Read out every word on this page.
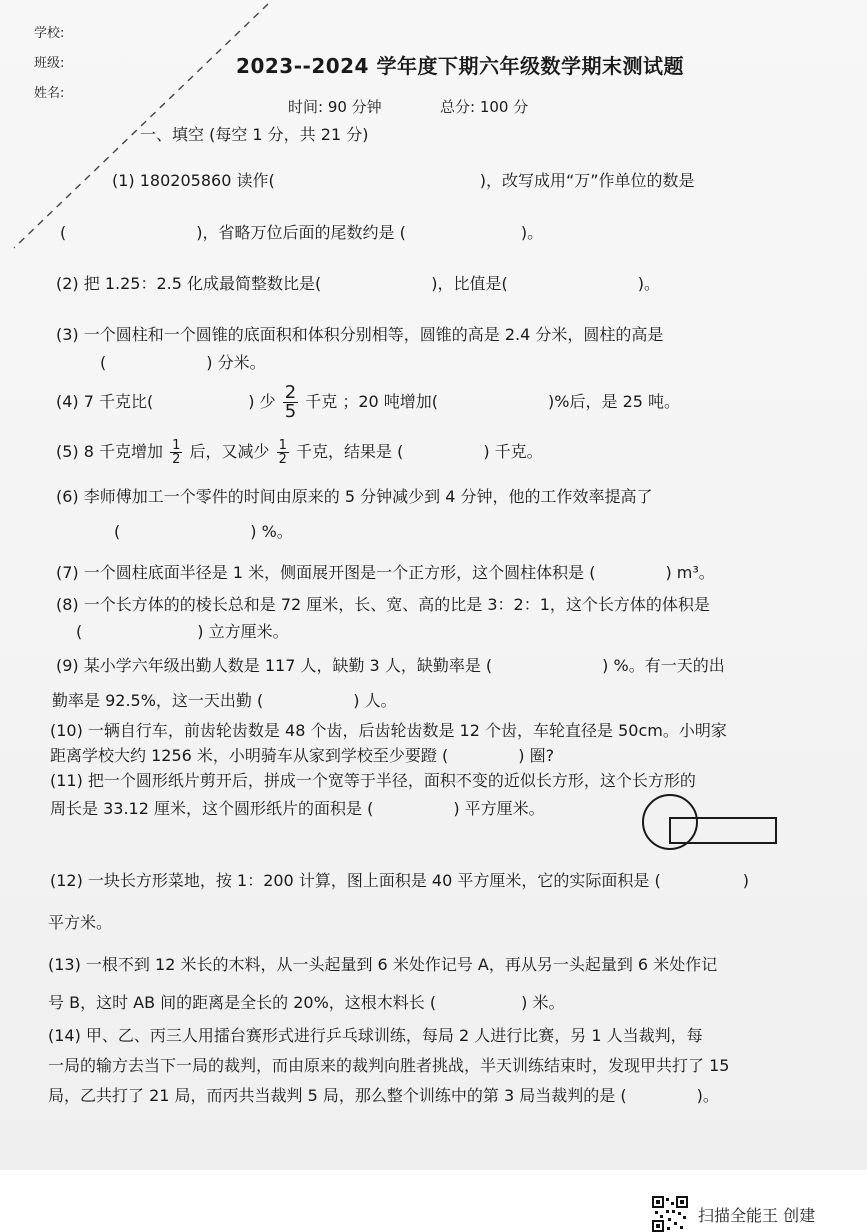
学校:
班级:
姓名:
2023--2024 学年度下期六年级数学期末测试题
时间: 90 分钟	总分: 100 分
一、填空 (每空 1 分，共 21 分)
(1) 180205860 读作(	)，改写成用“万”作单位的数是
(	)，省略万位后面的尾数约是 (	)。
(2) 把 1.25：2.5 化成最简整数比是(	)，比值是(	)。
(3) 一个圆柱和一个圆锥的底面积和体积分别相等，圆锥的高是 2.4 分米，圆柱的高是
(	) 分米。
(4) 7 千克比(	) 少 $\frac{2}{5}$ 千克 ；20 吨增加(	)%后，是 25 吨。
(5) 8 千克增加 $\frac{1}{2}$ 后，又减少 $\frac{1}{2}$ 千克，结果是 (	) 千克。
(6) 李师傅加工一个零件的时间由原来的 5 分钟减少到 4 分钟，他的工作效率提高了
(	) %。
(7) 一个圆柱底面半径是 1 米，侧面展开图是一个正方形，这个圆柱体积是 (	) m³。
(8) 一个长方体的的棱长总和是 72 厘米，长、宽、高的比是 3：2：1，这个长方体的体积是
(	) 立方厘米。
(9) 某小学六年级出勤人数是 117 人，缺勤 3 人，缺勤率是 (	) %。有一天的出
勤率是 92.5%，这一天出勤 (	) 人。
(10) 一辆自行车，前齿轮齿数是 48 个齿，后齿轮齿数是 12 个齿，车轮直径是 50cm。小明家
距离学校大约 1256 米，小明骑车从家到学校至少要蹬 (	) 圈?
(11) 把一个圆形纸片剪开后，拼成一个宽等于半径，面积不变的近似长方形，这个长方形的
周长是 33.12 厘米，这个圆形纸片的面积是 (	) 平方厘米。
(12) 一块长方形菜地，按 1：200 计算，图上面积是 40 平方厘米，它的实际面积是 (	)
平方米。
(13) 一根不到 12 米长的木料，从一头起量到 6 米处作记号 A，再从另一头起量到 6 米处作记
号 B，这时 AB 间的距离是全长的 20%，这根木料长 (	) 米。
(14) 甲、乙、丙三人用擂台赛形式进行乒乓球训练，每局 2 人进行比赛，另 1 人当裁判，每
一局的输方去当下一局的裁判，而由原来的裁判向胜者挑战，半天训练结束时，发现甲共打了 15
局，乙共打了 21 局，而丙共当裁判 5 局，那么整个训练中的第 3 局当裁判的是 (	)。
扫描全能王 创建
